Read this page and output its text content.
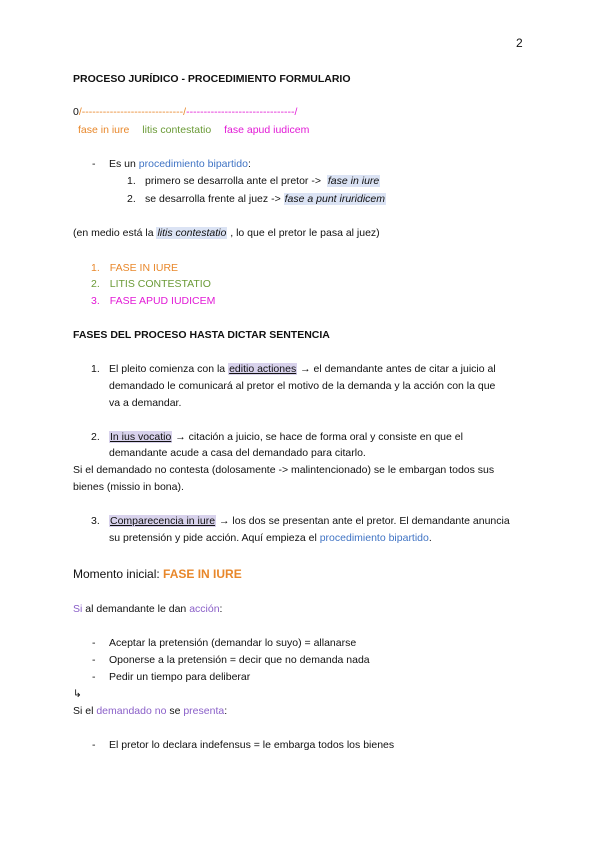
2
PROCESO JURÍDICO - PROCEDIMIENTO FORMULARIO
0/-----------------------------/-------------------------------/
fase in iure litis contestatio fase apud iudicem
- Es un procedimiento bipartido:
1. primero se desarrolla ante el pretor -> fase in iure
2. se desarrolla frente al juez -> fase a punt iruridicem
(en medio está la litis contestatio , lo que el pretor le pasa al juez)
1. FASE IN IURE
2. LITIS CONTESTATIO
3. FASE APUD IUDICEM
FASES DEL PROCESO HASTA DICTAR SENTENCIA
1. El pleito comienza con la editio actiones → el demandante antes de citar a juicio al
demandado le comunicará al pretor el motivo de la demanda y la acción con la que
va a demandar.
2. In ius vocatio → citación a juicio, se hace de forma oral y consiste en que el
demandante acude a casa del demandado para citarlo.
Si el demandado no contesta (dolosamente -> malintencionado) se le embargan todos sus
bienes (missio in bona).
3. Comparecencia in iure → los dos se presentan ante el pretor. El demandante anuncia
su pretensión y pide acción. Aquí empieza el procedimiento bipartido.
Momento inicial: FASE IN IURE
Si al demandante le dan acción:
- Aceptar la pretensión (demandar lo suyo) = allanarse
- Oponerse a la pretensión = decir que no demanda nada
- Pedir un tiempo para deliberar
↳
Si el demandado no se presenta:
- El pretor lo declara indefensus = le embarga todos los bienes
